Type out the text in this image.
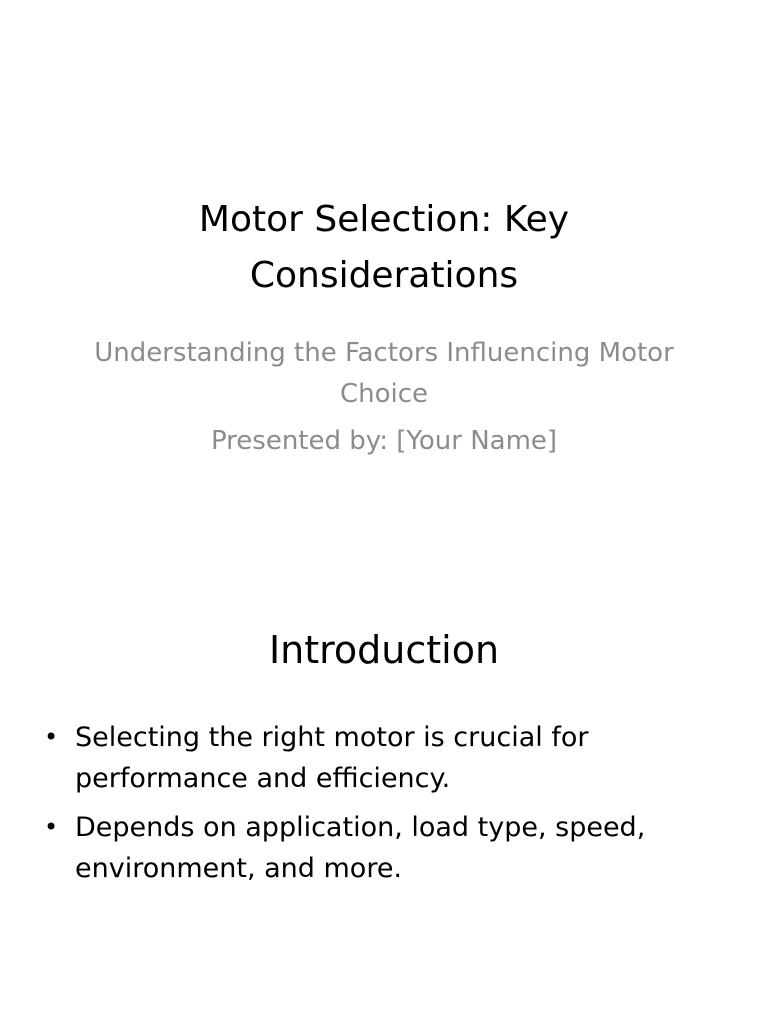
Motor Selection: Key Considerations

Understanding the Factors Influencing Motor Choice

Presented by: [Your Name]

Introduction
• Selecting the right motor is crucial for performance and efficiency.
• Depends on application, load type, speed, environment, and more.
